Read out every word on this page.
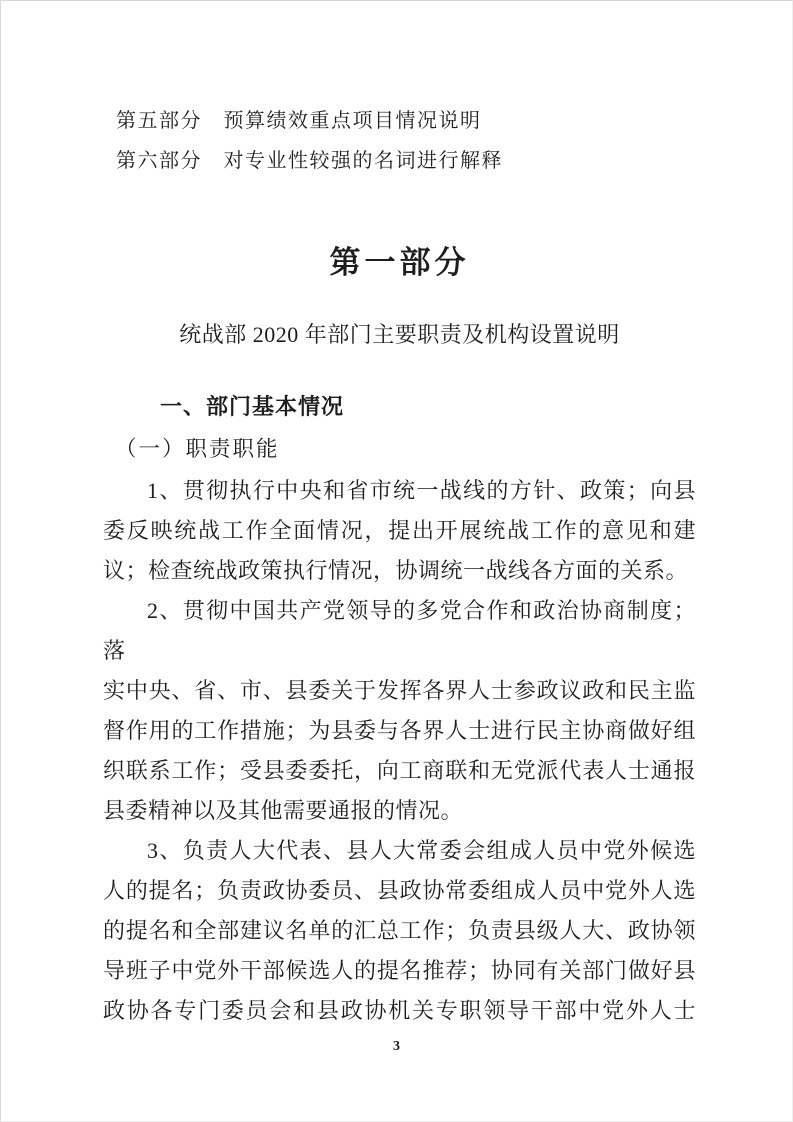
第五部分　预算绩效重点项目情况说明
第六部分　对专业性较强的名词进行解释
第一部分
统战部 2020 年部门主要职责及机构设置说明
一、部门基本情况
（一）职责职能
1、贯彻执行中央和省市统一战线的方针、政策；向县
委反映统战工作全面情况，提出开展统战工作的意见和建
议；检查统战政策执行情况，协调统一战线各方面的关系。
2、贯彻中国共产党领导的多党合作和政治协商制度；落
实中央、省、市、县委关于发挥各界人士参政议政和民主监
督作用的工作措施；为县委与各界人士进行民主协商做好组
织联系工作；受县委委托，向工商联和无党派代表人士通报
县委精神以及其他需要通报的情况。
3、负责人大代表、县人大常委会组成人员中党外候选
人的提名；负责政协委员、县政协常委组成人员中党外人选
的提名和全部建议名单的汇总工作；负责县级人大、政协领
导班子中党外干部候选人的提名推荐；协同有关部门做好县
政协各专门委员会和县政协机关专职领导干部中党外人士
3
